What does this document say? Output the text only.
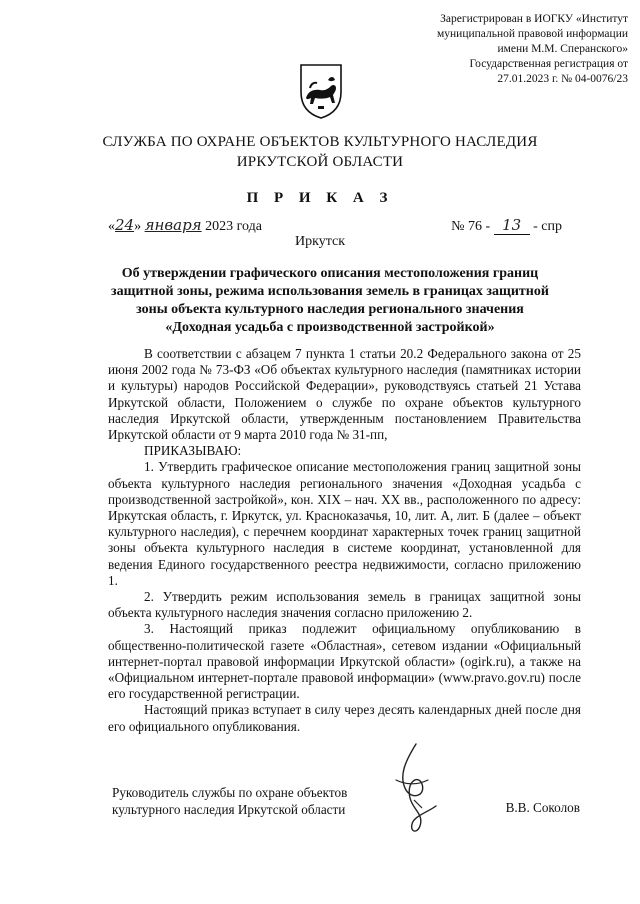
Зарегистрирован в ИОГКУ «Институт
муниципальной правовой информации
имени М.М. Сперанского»
Государственная регистрация от
27.01.2023 г. № 04-0076/23
СЛУЖБА ПО ОХРАНЕ ОБЪЕКТОВ КУЛЬТУРНОГО НАСЛЕДИЯ
ИРКУТСКОЙ ОБЛАСТИ
П Р И К А З
«24» января 2023 года	№ 76 - 13 - спр
Иркутск
Об утверждении графического описания местоположения границ
защитной зоны, режима использования земель в границах защитной
зоны объекта культурного наследия регионального значения
«Доходная усадьба с производственной застройкой»

В соответствии с абзацем 7 пункта 1 статьи 20.2 Федерального закона от 25 июня 2002 года № 73-ФЗ «Об объектах культурного наследия (памятниках истории и культуры) народов Российской Федерации», руководствуясь статьей 21 Устава Иркутской области, Положением о службе по охране объектов культурного наследия Иркутской области, утвержденным постановлением Правительства Иркутской области от 9 марта 2010 года № 31-пп,

ПРИКАЗЫВАЮ:

1. Утвердить графическое описание местоположения границ защитной зоны объекта культурного наследия регионального значения «Доходная усадьба с производственной застройкой», кон. XIX – нач. XX вв., расположенного по адресу: Иркутская область, г. Иркутск, ул. Красноказачья, 10, лит. А, лит. Б (далее – объект культурного наследия), с перечнем координат характерных точек границ защитной зоны объекта культурного наследия в системе координат, установленной для ведения Единого государственного реестра недвижимости, согласно приложению 1.

2. Утвердить режим использования земель в границах защитной зоны объекта культурного наследия значения согласно приложению 2.

3. Настоящий приказ подлежит официальному опубликованию в общественно-политической газете «Областная», сетевом издании «Официальный интернет-портал правовой информации Иркутской области» (ogirk.ru), а также на «Официальном интернет-портале правовой информации» (www.pravo.gov.ru) после его государственной регистрации.

Настоящий приказ вступает в силу через десять календарных дней после дня его официального опубликования.

Руководитель службы по охране объектов
культурного наследия Иркутской области	В.В. Соколов
